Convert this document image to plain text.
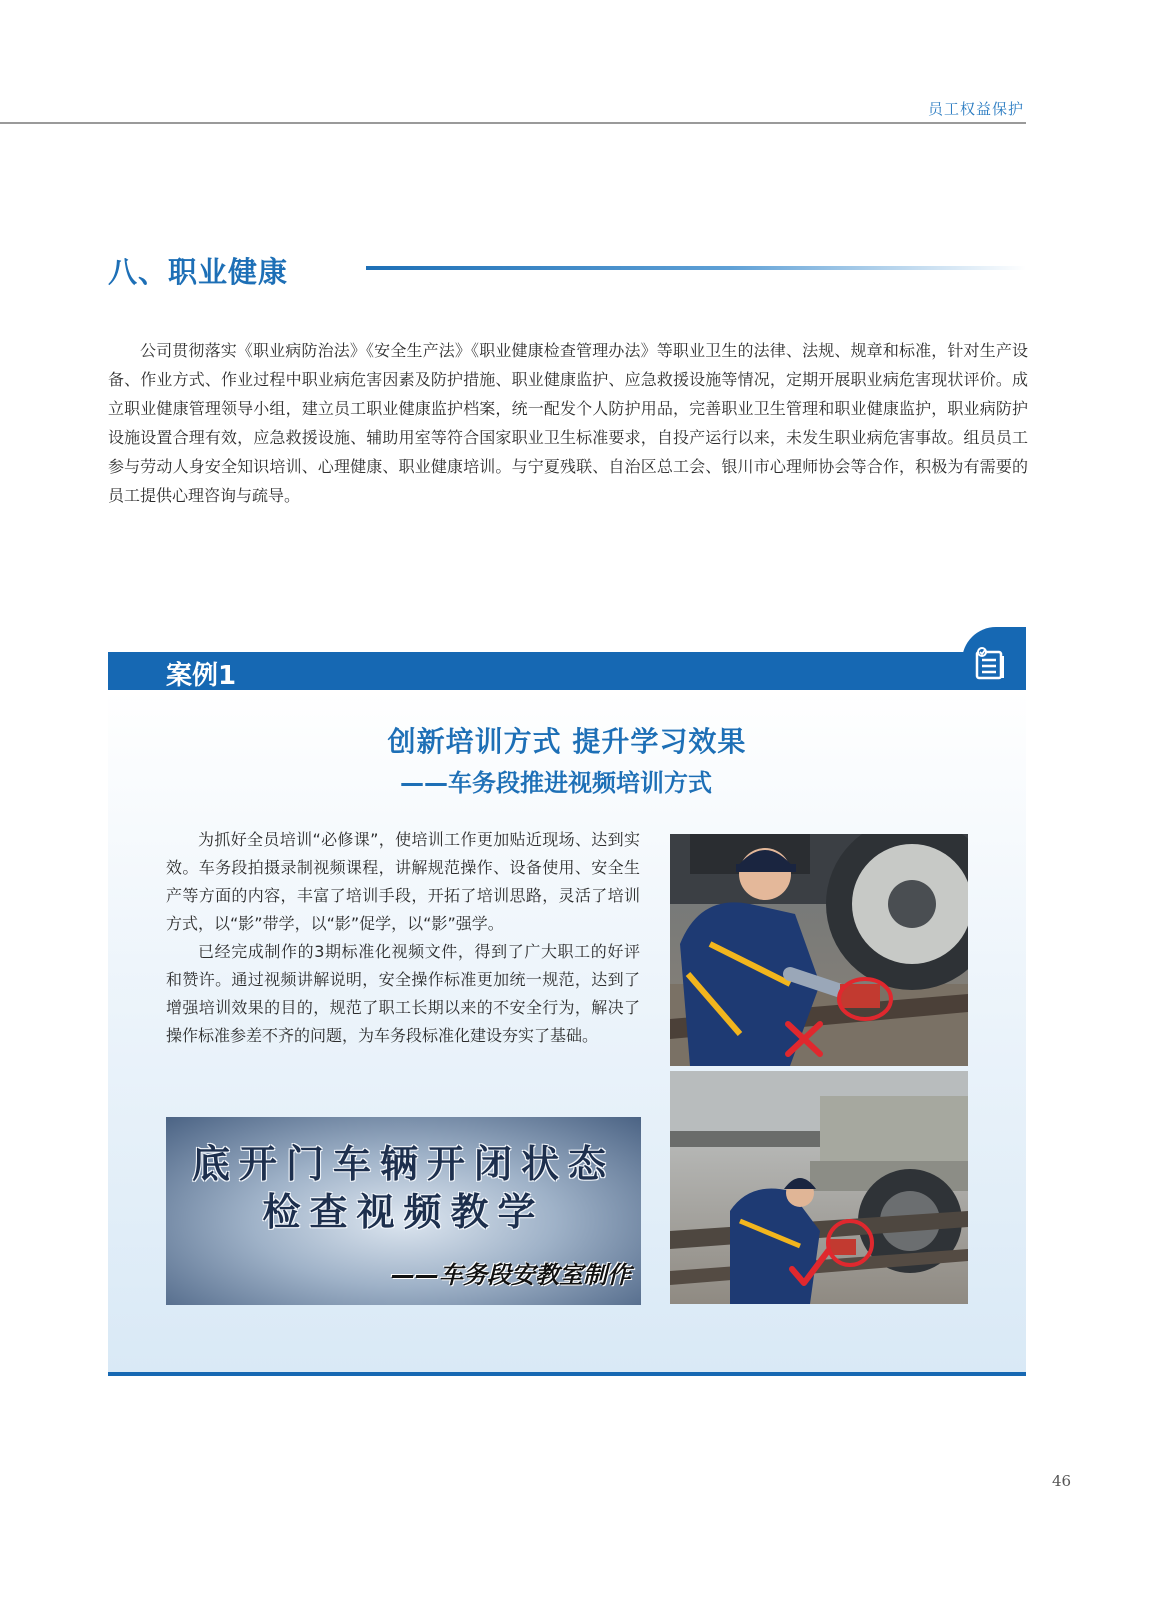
员工权益保护
八、职业健康

公司贯彻落实《职业病防治法》《安全生产法》《职业健康检查管理办法》等职业卫生的法律、法规、规章和标准，针对生产设备、作业方式、作业过程中职业病危害因素及防护措施、职业健康监护、应急救援设施等情况，定期开展职业病危害现状评价。成立职业健康管理领导小组，建立员工职业健康监护档案，统一配发个人防护用品，完善职业卫生管理和职业健康监护，职业病防护设施设置合理有效，应急救援设施、辅助用室等符合国家职业卫生标准要求，自投产运行以来，未发生职业病危害事故。组员员工参与劳动人身安全知识培训、心理健康、职业健康培训。与宁夏残联、自治区总工会、银川市心理师协会等合作，积极为有需要的员工提供心理咨询与疏导。

案例1
创新培训方式 提升学习效果
——车务段推进视频培训方式

为抓好全员培训“必修课”，使培训工作更加贴近现场、达到实效。车务段拍摄录制视频课程，讲解规范操作、设备使用、安全生产等方面的内容，丰富了培训手段，开拓了培训思路，灵活了培训方式，以“影”带学，以“影”促学，以“影”强学。

已经完成制作的3期标准化视频文件，得到了广大职工的好评和赞许。通过视频讲解说明，安全操作标准更加统一规范，达到了增强培训效果的目的，规范了职工长期以来的不安全行为，解决了操作标准参差不齐的问题，为车务段标准化建设夯实了基础。

底开门车辆开闭状态
检查视频教学
——车务段安教室制作
46
